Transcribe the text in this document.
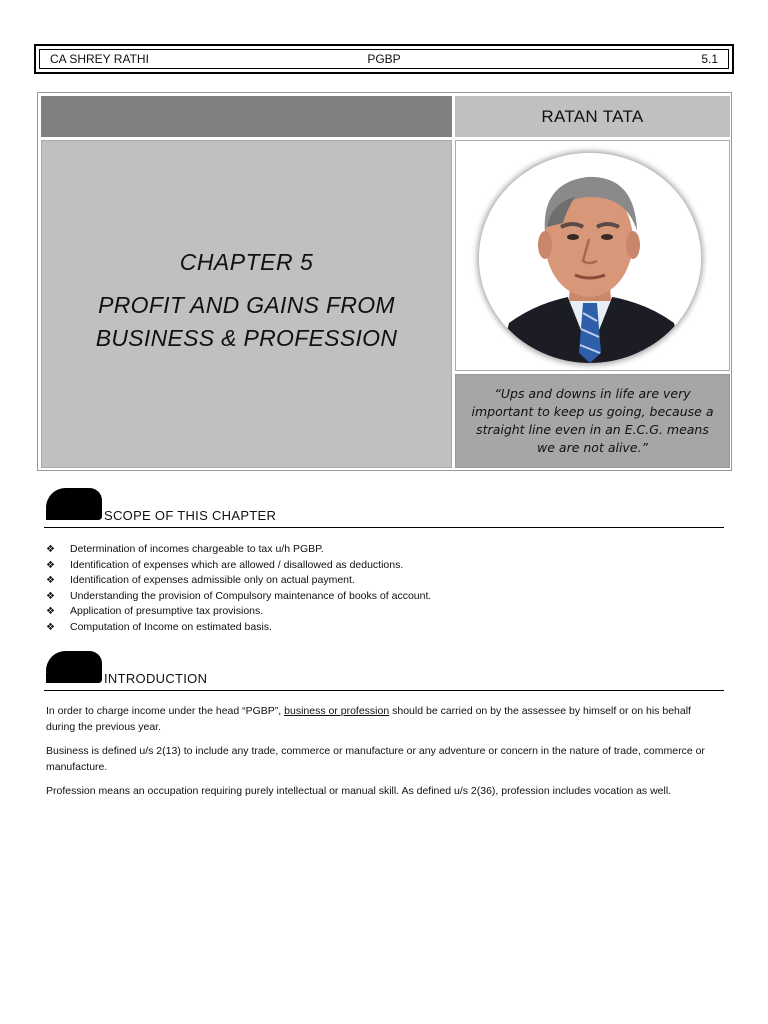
CA SHREY RATHI	PGBP	5.1
RATAN TATA
CHAPTER 5
PROFIT AND GAINS FROM
BUSINESS & PROFESSION
“Ups and downs in life are very important to keep us going, because a straight line even in an E.C.G. means we are not alive.”
SCOPE OF THIS CHAPTER
❖	Determination of incomes chargeable to tax u/h PGBP.
❖	Identification of expenses which are allowed / disallowed as deductions.
❖	Identification of expenses admissible only on actual payment.
❖	Understanding the provision of Compulsory maintenance of books of account.
❖	Application of presumptive tax provisions.
❖	Computation of Income on estimated basis.
INTRODUCTION

In order to charge income under the head “PGBP”, business or profession should be carried on by the assessee by himself or on his behalf during the previous year.

Business is defined u/s 2(13) to include any trade, commerce or manufacture or any adventure or concern in the nature of trade, commerce or manufacture.

Profession means an occupation requiring purely intellectual or manual skill. As defined u/s 2(36), profession includes vocation as well.
